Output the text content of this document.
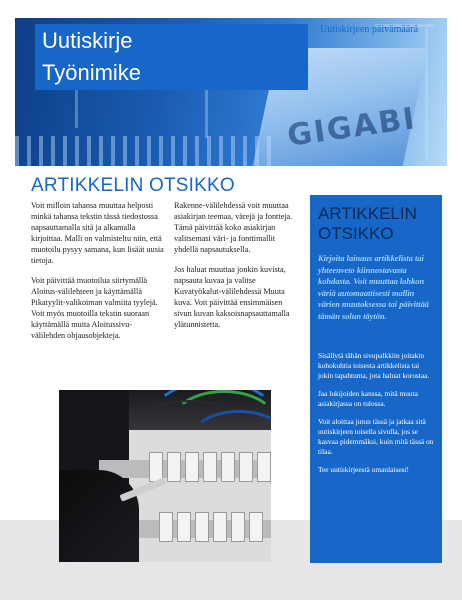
GIGABI
Uutiskirje
Työnimike
Uutiskirjeen päivämäärä
ARTIKKELIN OTSIKKO

Voit milloin tahansa muuttaa helposti minkä tahansa tekstin tässä tiedostossa napsauttamalla sitä ja alkamalla kirjoittaa. Malli on valmisteltu niin, että muotoilu pysyy samana, kun lisäät uusia tietoja.

Voit päivittää muotoilua siirtymällä Aloitus-välilehteen ja käyttämällä Pikatyylit-valikoiman valmiita tyylejä. Voit myös muotoilla tekstin suoraan käyttämällä muita Aloitussivu-välilehden ohjausobjekteja.

Rakenne-välilehdessä voit muuttaa asiakirjan teemaa, värejä ja fontteja. Tämä päivittää koko asiakirjan valitsemasi väri- ja fonttimallit yhdellä napsautuksella.

Jos haluat muuttaa jonkin kuvista, napsauta kuvaa ja valitse Kuvatyökalut-välilehdessä Muuta kuva. Voit päivittää ensimmäisen sivun kuvan kaksoisnapsauttamalla ylätunnistetta.

ARTIKKELIN OTSIKKO
Kirjoita lainaus artikkelista tai yhteenveto kiinnostavasta kohdasta. Voit muuttaa lohkon väriä automaattisesti mallin värien muutoksessa tai päivittää tämän solun täytön.

Sisällytä tähän sivupalkkiin joitakin kohokohtia toisesta artikkelista tai jokin tapahtuma, jota haluat korostaa.

Jaa lukijoiden kanssa, mitä muuta asiakirjassa on tulossa.

Voit aloittaa jutun tässä ja jatkaa sitä uutiskirjeen toisella sivulla, jos se kasvaa pidemmäksi, kuin mitä tässä on tilaa.

Tee uutiskirjeestä omanlaisesi!
